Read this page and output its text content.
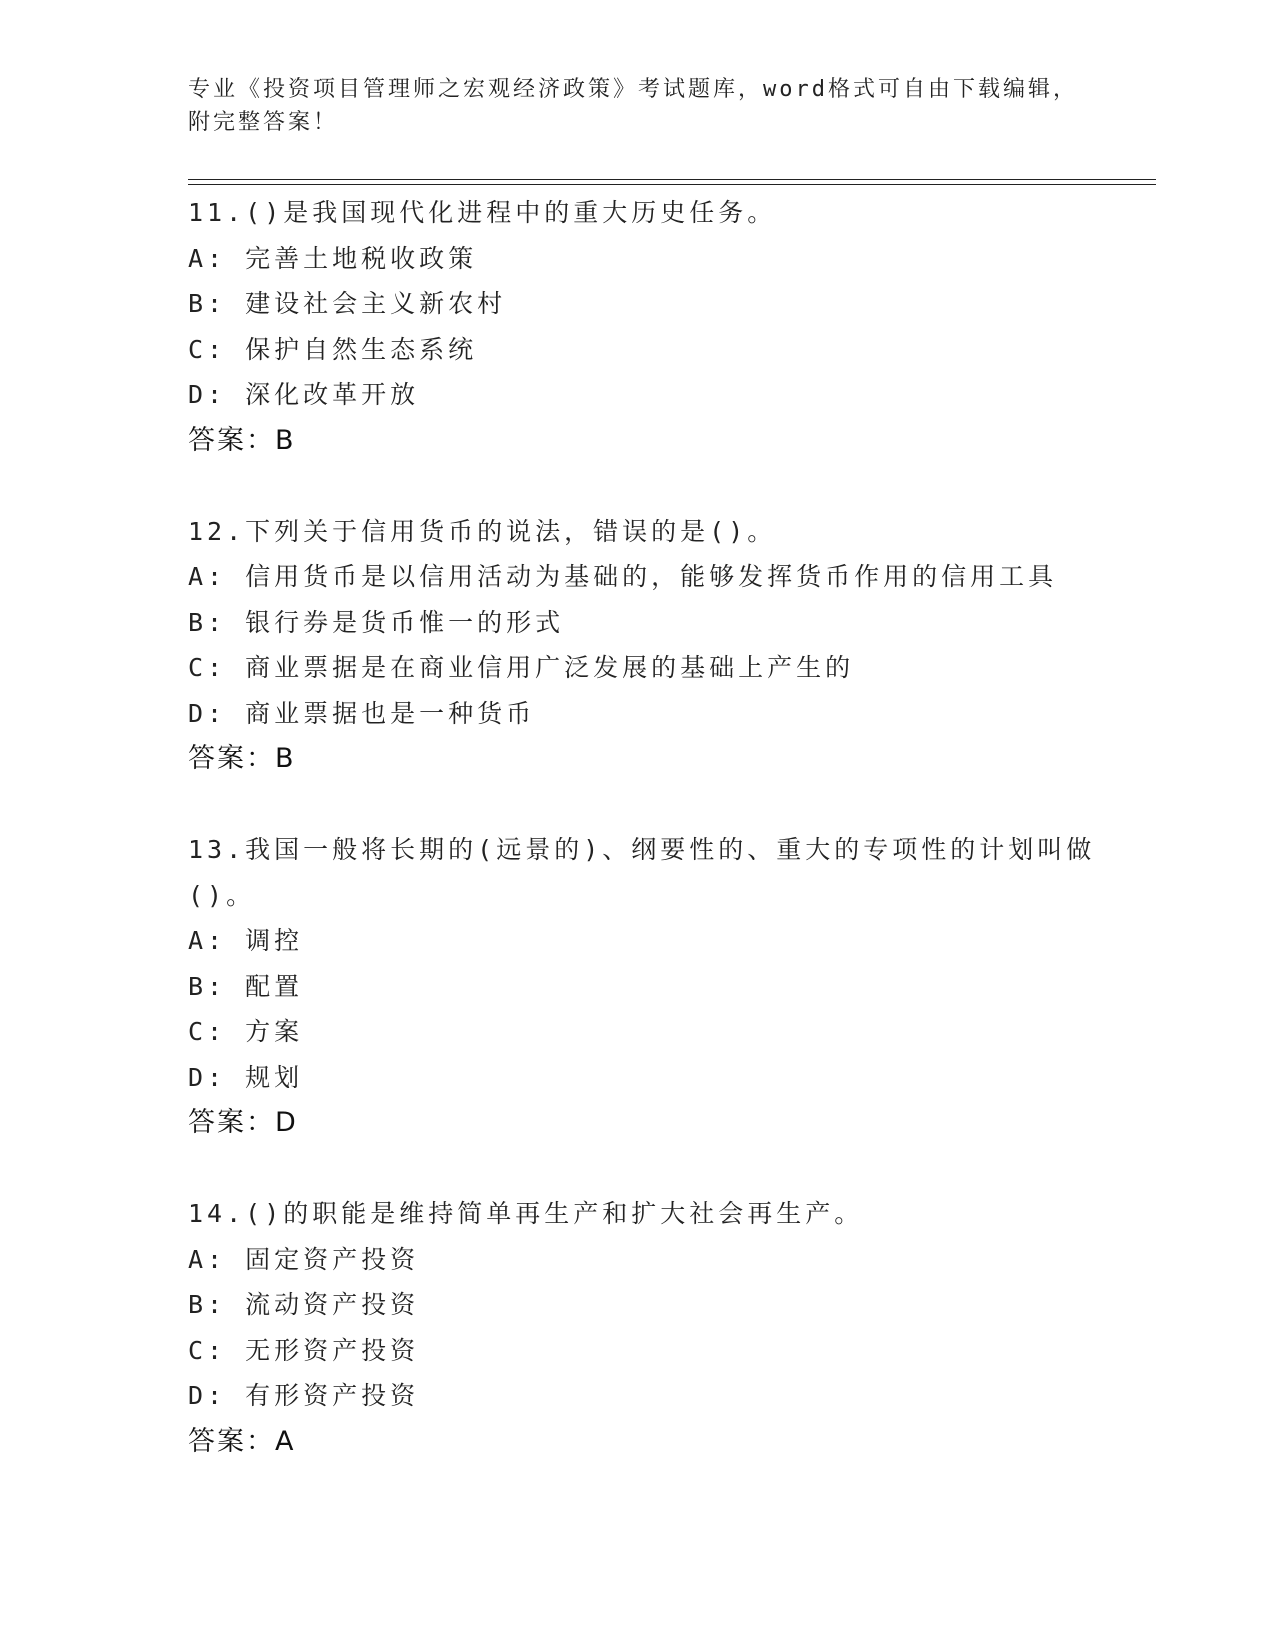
专业《投资项目管理师之宏观经济政策》考试题库，word格式可自由下载编辑，
附完整答案！
11.()是我国现代化进程中的重大历史任务。
A: 完善土地税收政策
B: 建设社会主义新农村
C: 保护自然生态系统
D: 深化改革开放
答案：B
12.下列关于信用货币的说法，错误的是()。
A: 信用货币是以信用活动为基础的，能够发挥货币作用的信用工具
B: 银行券是货币惟一的形式
C: 商业票据是在商业信用广泛发展的基础上产生的
D: 商业票据也是一种货币
答案：B
13.我国一般将长期的(远景的)、纲要性的、重大的专项性的计划叫做
()。
A: 调控
B: 配置
C: 方案
D: 规划
答案：D
14.()的职能是维持简单再生产和扩大社会再生产。
A: 固定资产投资
B: 流动资产投资
C: 无形资产投资
D: 有形资产投资
答案：A
